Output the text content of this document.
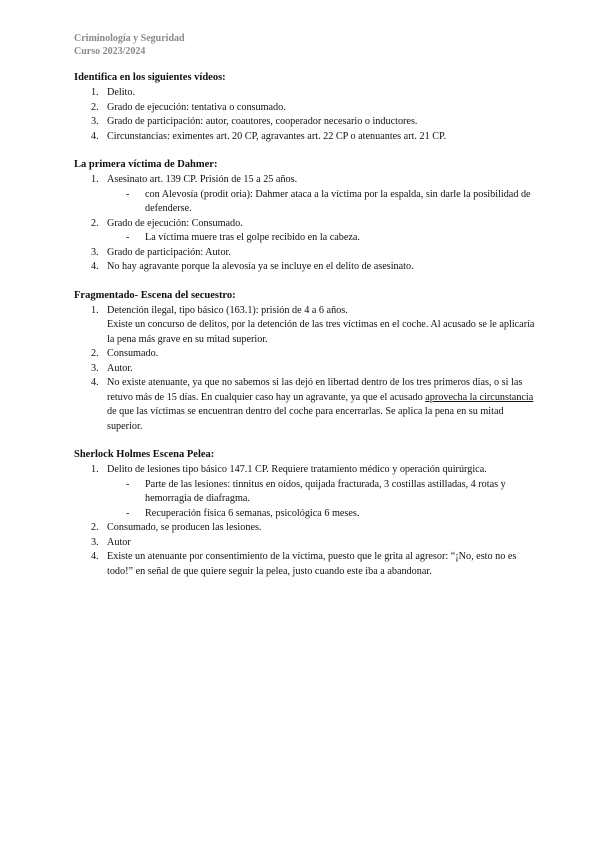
Criminología y Seguridad
Curso 2023/2024
Identifica en los siguientes vídeos:
1. Delito.
2. Grado de ejecución: tentativa o consumado.
3. Grado de participación: autor, coautores, cooperador necesario o inductores.
4. Circunstancias: eximentes art. 20 CP, agravantes art. 22 CP o atenuantes art. 21 CP.
La primera víctima de Dahmer:
1. Asesinato art. 139 CP. Prisión de 15 a 25 años.
- con Alevosía (prodit oria): Dahmer ataca a la víctima por la espalda, sin darle la posibilidad de defenderse.
2. Grado de ejecución: Consumado.
- La víctima muere tras el golpe recibido en la cabeza.
3. Grado de participación: Autor.
4. No hay agravante porque la alevosía ya se incluye en el delito de asesinato.
Fragmentado- Escena del secuestro:
1. Detención ilegal, tipo básico (163.1): prisión de 4 a 6 años.
Existe un concurso de delitos, por la detención de las tres víctimas en el coche. Al acusado se le aplicaría la pena más grave en su mitad superior.
2. Consumado.
3. Autor.
4. No existe atenuante, ya que no sabemos si las dejó en libertad dentro de los tres primeros días, o si las retuvo más de 15 días. En cualquier caso hay un agravante, ya que el acusado aprovecha la circunstancia de que las víctimas se encuentran dentro del coche para encerrarlas. Se aplica la pena en su mitad superior.
Sherlock Holmes Escena Pelea:
1. Delito de lesiones tipo básico 147.1 CP. Requiere tratamiento médico y operación quirúrgica.
- Parte de las lesiones: tinnitus en oídos, quijada fracturada, 3 costillas astilladas, 4 rotas y hemorragia de diafragma.
- Recuperación física 6 semanas, psicológica 6 meses.
2. Consumado, se producen las lesiones.
3. Autor
4. Existe un atenuante por consentimiento de la víctima, puesto que le grita al agresor: “¡No, esto no es todo!” en señal de que quiere seguir la pelea, justo cuando este iba a abandonar.
